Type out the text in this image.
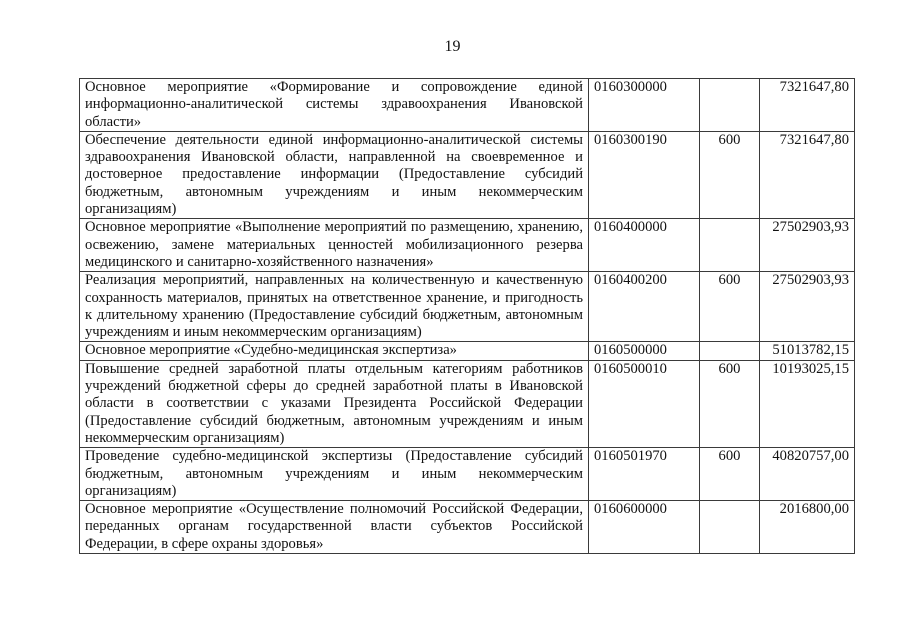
19
Основное мероприятие «Формирование и сопровождение единой информационно-аналитической системы здравоохранения Ивановской области»	0160300000		7321647,80
Обеспечение деятельности единой информационно-аналитической системы здравоохранения Ивановской области, направленной на своевременное и достоверное предоставление информации (Предоставление субсидий бюджетным, автономным учреждениям и иным некоммерческим организациям)	0160300190	600	7321647,80
Основное мероприятие «Выполнение мероприятий по размещению, хранению, освежению, замене материальных ценностей мобилизационного резерва медицинского и санитарно-хозяйственного назначения»	0160400000		27502903,93
Реализация мероприятий, направленных на количественную и качественную сохранность материалов, принятых на ответственное хранение, и пригодность к длительному хранению (Предоставление субсидий бюджетным, автономным учреждениям и иным некоммерческим организациям)	0160400200	600	27502903,93
Основное мероприятие «Судебно-медицинская экспертиза»	0160500000		51013782,15
Повышение средней заработной платы отдельным категориям работников учреждений бюджетной сферы до средней заработной платы в Ивановской области в соответствии с указами Президента Российской Федерации (Предоставление субсидий бюджетным, автономным учреждениям и иным некоммерческим организациям)	0160500010	600	10193025,15
Проведение судебно-медицинской экспертизы (Предоставление субсидий бюджетным, автономным учреждениям и иным некоммерческим организациям)	0160501970	600	40820757,00
Основное мероприятие «Осуществление полномочий Российской Федерации, переданных органам государственной власти субъектов Российской Федерации, в сфере охраны здоровья»	0160600000		2016800,00
